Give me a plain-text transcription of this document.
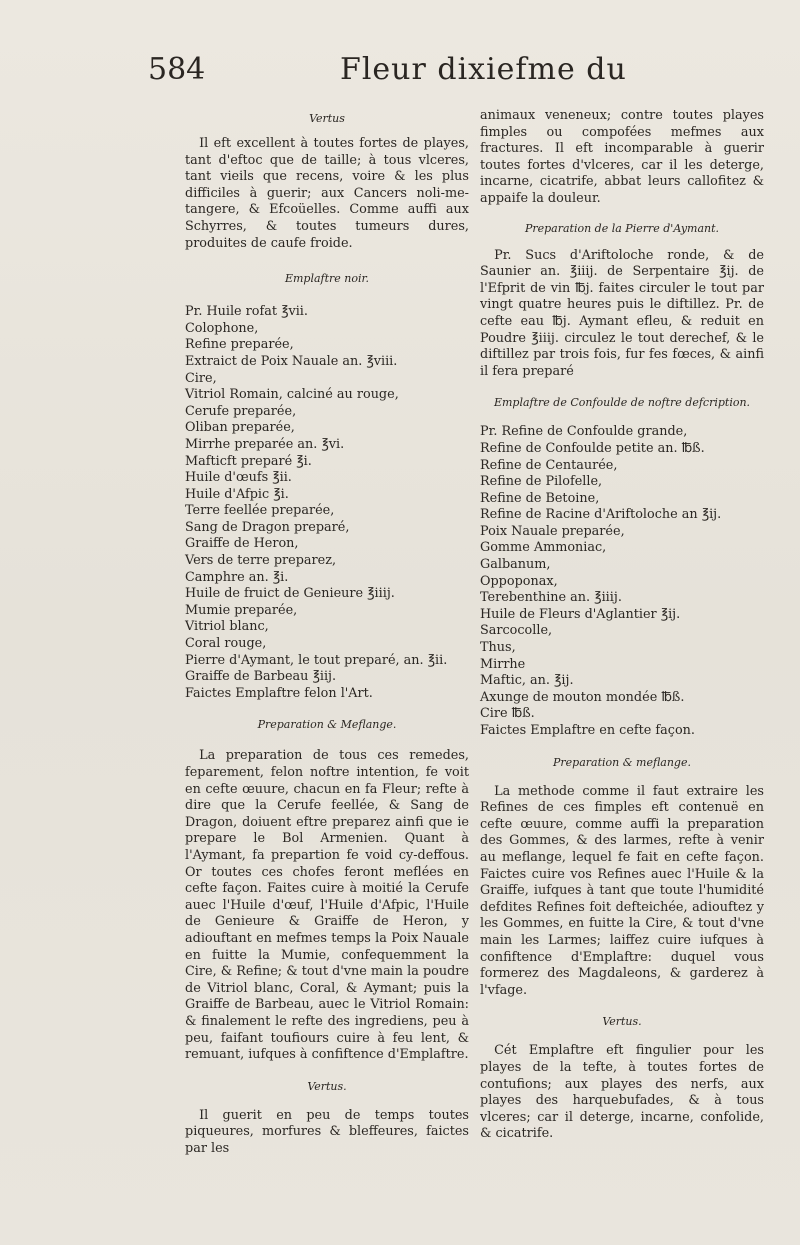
584	Fleur dixiefme du

Vertus

Il eft excellent à toutes fortes de playes, tant d'eftoc que de taille; à tous vlceres, tant vieils que recens, voire & les plus difficiles à guerir; aux Cancers noli-me-tangere, & Efcoüelles. Comme auffi aux Schyrres, & toutes tumeurs dures, produites de caufe froide.

Emplaftre noir.

Pr. Huile rofat ℥vii.
Colophone,
Refine preparée,
Extraict de Poix Nauale an. ℥viii.
Cire,
Vitriol Romain, calciné au rouge,
Cerufe preparée,
Oliban preparée,
Mirrhe preparée an. ℥vi.
Mafticft preparé ℥i.
Huile d'œufs ℥ii.
Huile d'Afpic ℥i.
Terre feellée preparée,
Sang de Dragon preparé,
Graiffe de Heron,
Vers de terre preparez,
Camphre an. ℥i.
Huile de fruict de Genieure ℥iiij.
Mumie preparée,
Vitriol blanc,
Coral rouge,
Pierre d'Aymant, le tout preparé, an. ℥ii.
Graiffe de Barbeau ℥iij.
Faictes Emplaftre felon l'Art.

Preparation & Meflange.

La preparation de tous ces remedes, feparement, felon noftre intention, fe voit en cefte œuure, chacun en fa Fleur; refte à dire que la Cerufe feellée, & Sang de Dragon, doiuent eftre preparez ainfi que ie prepare le Bol Armenien. Quant à l'Aymant, fa prepartion fe void cy-deffous. Or toutes ces chofes feront meflées en cefte façon. Faites cuire à moitié la Cerufe auec l'Huile d'œuf, l'Huile d'Afpic, l'Huile de Genieure & Graiffe de Heron, y adiouftant en mefmes temps la Poix Nauale en fuitte la Mumie, confequemment la Cire, & Refine; & tout d'vne main la poudre de Vitriol blanc, Coral, & Aymant; puis la Graiffe de Barbeau, auec le Vitriol Romain: & finalement le refte des ingrediens, peu à peu, faifant toufiours cuire à feu lent, & remuant, iufques à confiftence d'Emplaftre.

Vertus.

Il guerit en peu de temps toutes piqueures, morfures & bleffeures, faictes par les

animaux veneneux; contre toutes playes fimples ou compofées mefmes aux fractures. Il eft incomparable à guerir toutes fortes d'vlceres, car il les deterge, incarne, cicatrife, abbat leurs callofitez & appaife la douleur.

Preparation de la Pierre d'Aymant.

Pr. Sucs d'Ariftoloche ronde, & de Saunier an. ℥iiij. de Serpentaire ℥ij. de l'Efprit de vin ℔j. faites circuler le tout par vingt quatre heures puis le diftillez. Pr. de cefte eau ℔j. Aymant efleu, & reduit en Poudre ℥iiij. circulez le tout derechef, & le diftillez par trois fois, fur fes fœces, & ainfi il fera preparé

Emplaftre de Confoulde de noftre defcription.

Pr. Refine de Confoulde grande,
Refine de Confoulde petite an. ℔ß.
Refine de Centaurée,
Refine de Pilofelle,
Refine de Betoine,
Refine de Racine d'Ariftoloche an ℥ij.
Poix Nauale preparée,
Gomme Ammoniac,
Galbanum,
Oppoponax,
Terebenthine an. ℥iiij.
Huile de Fleurs d'Aglantier ℥ij.
Sarcocolle,
Thus,
Mirrhe
Maftic, an. ℥ij.
Axunge de mouton mondée ℔ß.
Cire ℔ß.
Faictes Emplaftre en cefte façon.

Preparation & meflange.

La methode comme il faut extraire les Refines de ces fimples eft contenuë en cefte œuure, comme auffi la preparation des Gommes, & des larmes, refte à venir au meflange, lequel fe fait en cefte façon. Faictes cuire vos Refines auec l'Huile & la Graiffe, iufques à tant que toute l'humidité defdites Refines foit defteichée, adiouftez y les Gommes, en fuitte la Cire, & tout d'vne main les Larmes; laiffez cuire iufques à confiftence d'Emplaftre: duquel vous formerez des Magdaleons, & garderez à l'vfage.

Vertus.

Cét Emplaftre eft fingulier pour les playes de la tefte, à toutes fortes de contufions; aux playes des nerfs, aux playes des harquebufades, & à tous vlceres; car il deterge, incarne, confolide, & cicatrife.
